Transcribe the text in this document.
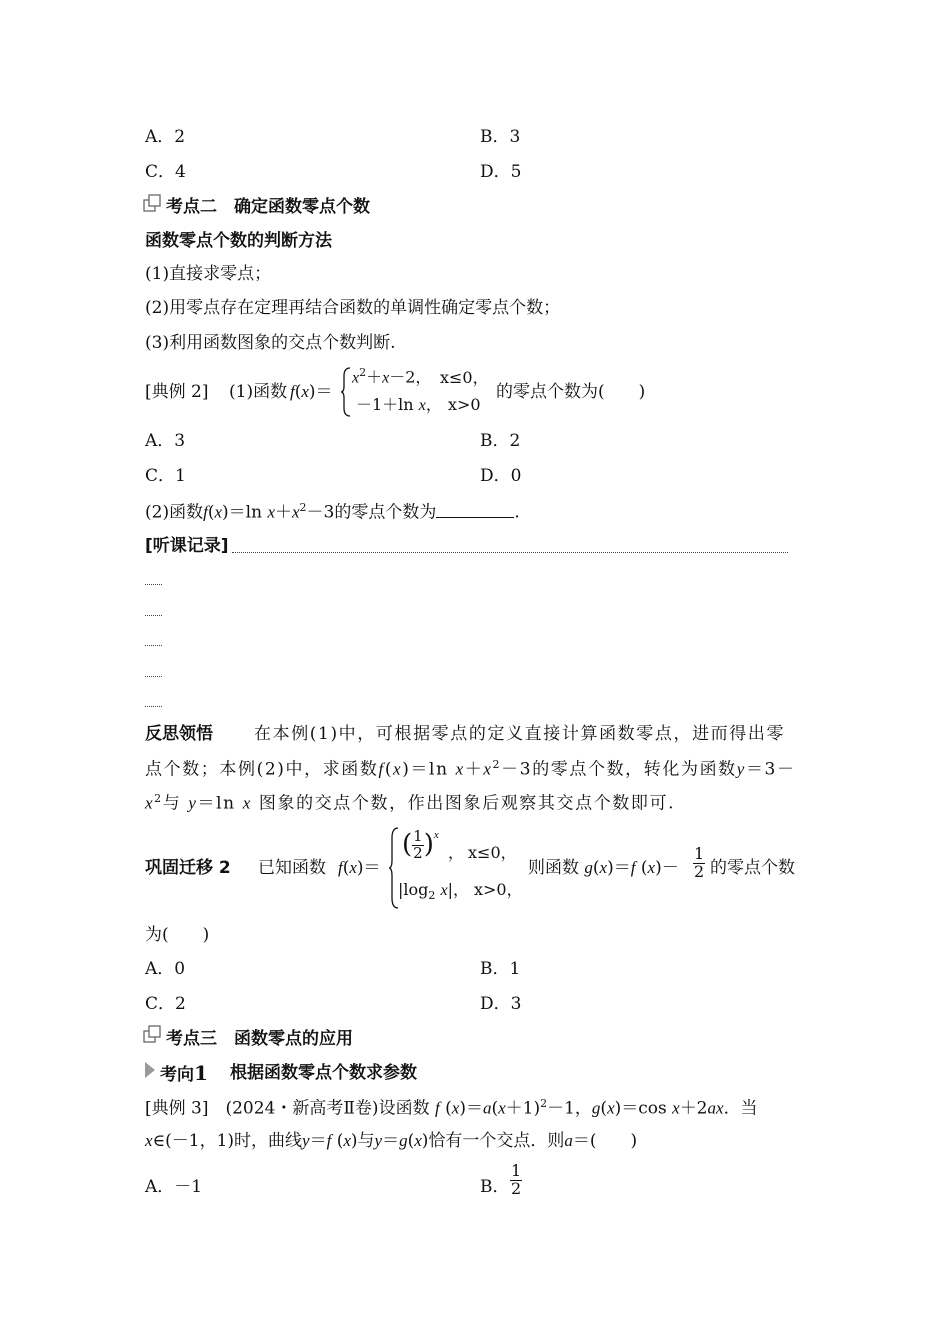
A．2	B．3
C．4	D．5
考点二　确定函数零点个数
函数零点个数的判断方法
(1)直接求零点；
(2)用零点存在定理再结合函数的单调性确定零点个数；
(3)利用函数图象的交点个数判断.
[典例 2] (1)函数 f(x)＝
$x^2+x-2$， x≤0，
－1＋ln x， x>0
的零点个数为(　　)
A．3	B．2
C．1	D．0
(2)函数f(x)＝ln $x+x^2-3$的零点个数为	.
[听课记录]
反思领悟 在本例(1)中，可根据零点的定义直接计算函数零点，进而得出零
点个数；本例(2)中，求函数f(x)＝ln $x+x^2-3$的零点个数，转化为函数y＝3－
$x^2$与 y＝ln x 图象的交点个数，作出图象后观察其交点个数即可.
巩固迁移 2 已知函数 f(x)＝
( $\frac{1}{2} )^x$
， x≤0，
$|\log_2$ x|， x>0，
则函数 g(x)＝f $(x)- \frac{1}{2}$ 的零点个数
为(　　)
A．0	B．1
C．2	D．3
考点三　函数零点的应用
考向1 根据函数零点个数求参数
[典例 3]　 (2024・新高考Ⅱ卷)设函数 f $(x)=a(x+1)^2-1$，g(x)＝cos x＋2ax．当
x∈(－1，1)时，曲线y＝f (x)与y＝g(x)恰有一个交点．则a＝(　　)
A．－1	B． $\frac{1}{2}$
